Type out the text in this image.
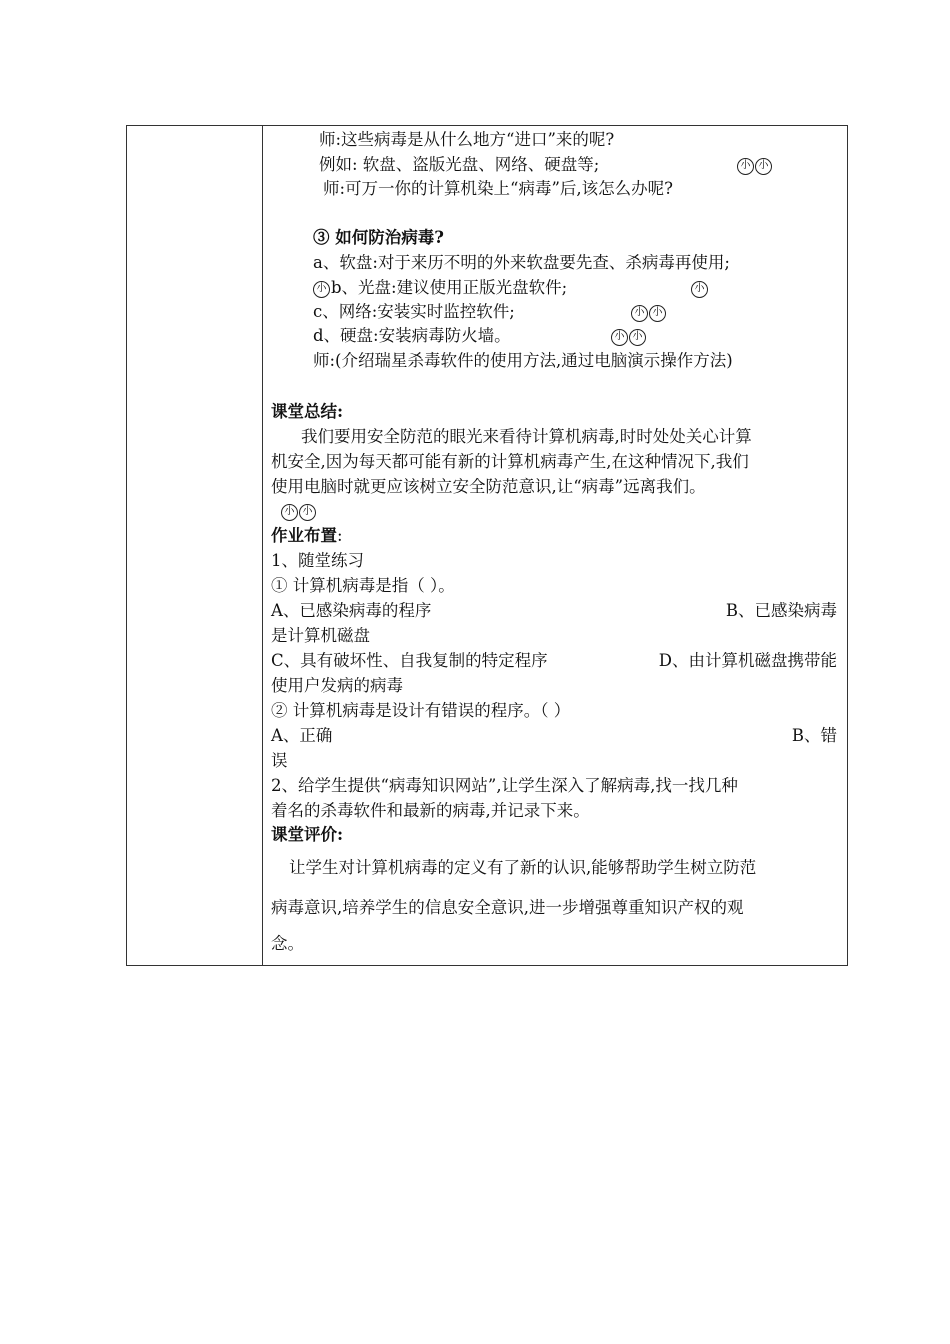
师:这些病毒是从什么地方“进口”来的呢?
例如: 软盘、盗版光盘、网络、硬盘等;	小 小
师:可万一你的计算机染上“病毒”后,该怎么办呢?
③ 如何防治病毒?
a、软盘:对于来历不明的外来软盘要先查、杀病毒再使用;
小 b、光盘:建议使用正版光盘软件;	小
c、网络:安装实时监控软件;	小 小
d、硬盘:安装病毒防火墙。	小 小
师:(介绍瑞星杀毒软件的使用方法,通过电脑演示操作方法)
课堂总结:
我们要用安全防范的眼光来看待计算机病毒,时时处处关心计算
机安全,因为每天都可能有新的计算机病毒产生,在这种情况下,我们
使用电脑时就更应该树立安全防范意识,让“病毒”远离我们。
小 小
作业布置:
1、随堂练习
① 计算机病毒是指（ ）。
A、已感染病毒的程序	B、已感染病毒
是计算机磁盘
C、具有破坏性、自我复制的特定程序	D、由计算机磁盘携带能
使用户发病的病毒
② 计算机病毒是设计有错误的程序。（ ）
A、正确	B、错
误
2、给学生提供“病毒知识网站”,让学生深入了解病毒,找一找几种
着名的杀毒软件和最新的病毒,并记录下来。
课堂评价:
让学生对计算机病毒的定义有了新的认识,能够帮助学生树立防范
病毒意识,培养学生的信息安全意识,进一步增强尊重知识产权的观
念。
